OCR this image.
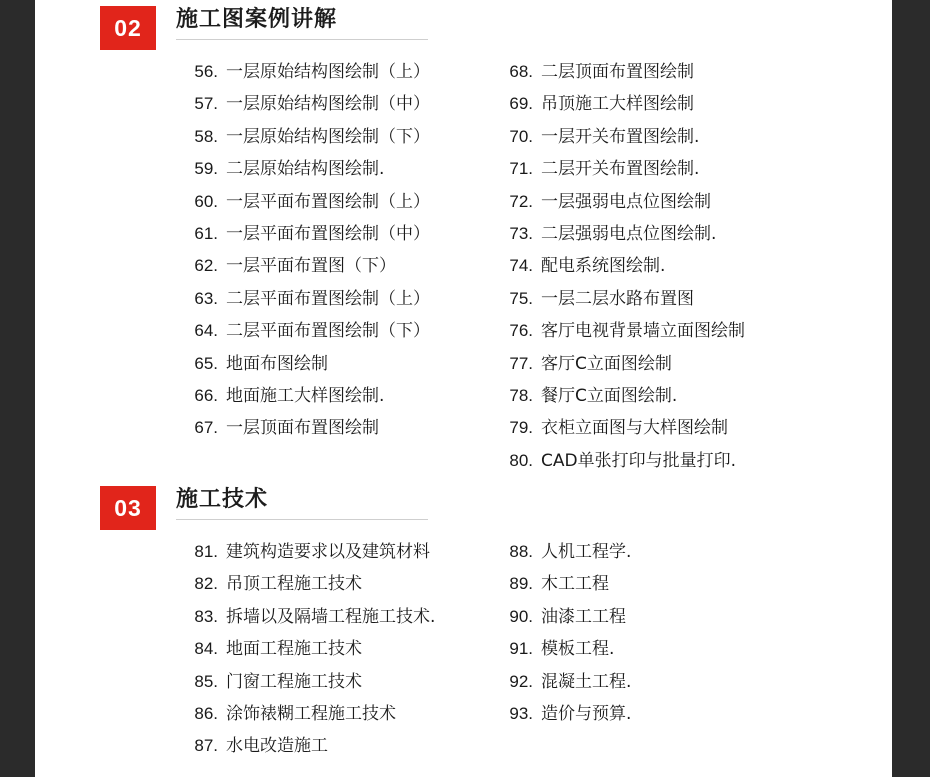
02	施工图案例讲解
56. 一层原始结构图绘制（上）
57. 一层原始结构图绘制（中）
58. 一层原始结构图绘制（下）
59. 二层原始结构图绘制.
60. 一层平面布置图绘制（上）
61. 一层平面布置图绘制（中）
62. 一层平面布置图（下）
63. 二层平面布置图绘制（上）
64. 二层平面布置图绘制（下）
65. 地面布图绘制
66. 地面施工大样图绘制.
67. 一层顶面布置图绘制
68. 二层顶面布置图绘制
69. 吊顶施工大样图绘制
70. 一层开关布置图绘制.
71. 二层开关布置图绘制.
72. 一层强弱电点位图绘制
73. 二层强弱电点位图绘制.
74. 配电系统图绘制.
75. 一层二层水路布置图
76. 客厅电视背景墙立面图绘制
77. 客厅C立面图绘制
78. 餐厅C立面图绘制.
79. 衣柜立面图与大样图绘制
80. CAD单张打印与批量打印.
03	施工技术
81. 建筑构造要求以及建筑材料
82. 吊顶工程施工技术
83. 拆墙以及隔墙工程施工技术.
84. 地面工程施工技术
85. 门窗工程施工技术
86. 涂饰裱糊工程施工技术
87. 水电改造施工
88. 人机工程学.
89. 木工工程
90. 油漆工工程
91. 模板工程.
92. 混凝土工程.
93. 造价与预算.
